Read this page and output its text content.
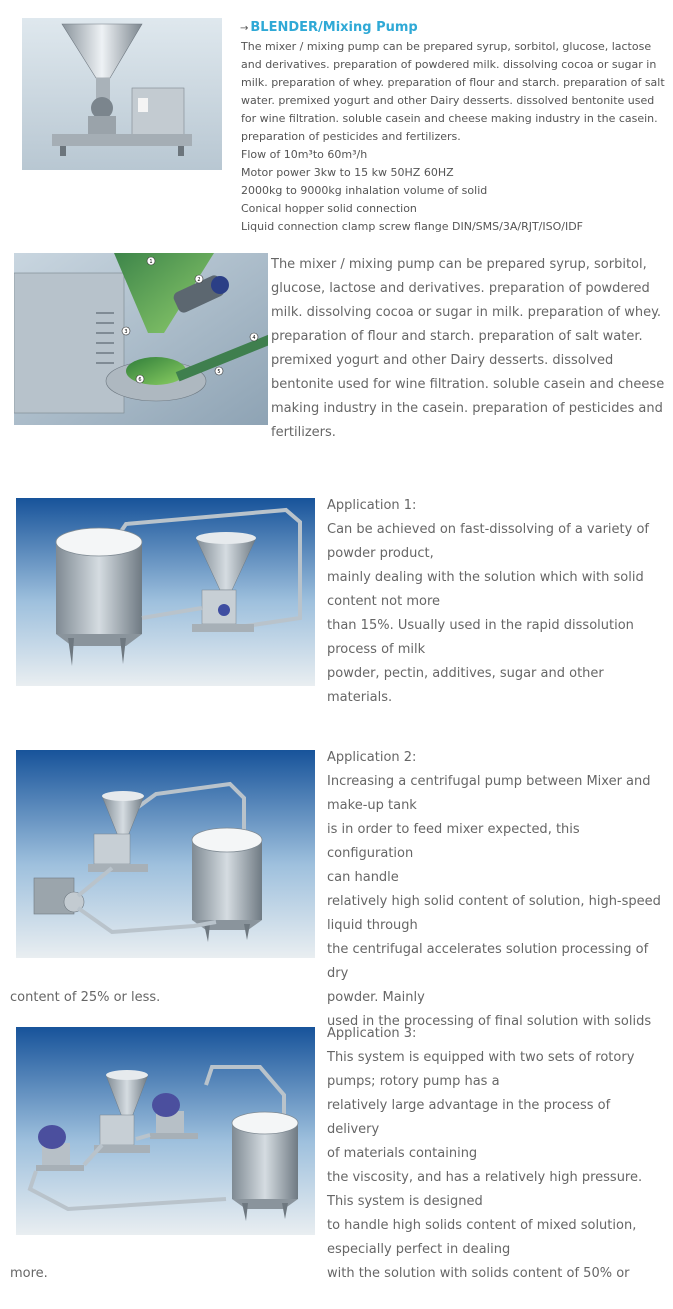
→ BLENDER/Mixing Pump

The mixer / mixing pump can be prepared syrup, sorbitol, glucose, lactose and derivatives. preparation of powdered milk. dissolving cocoa or sugar in milk. preparation of whey. preparation of flour and starch. preparation of salt water. premixed yogurt and other Dairy desserts. dissolved bentonite used for wine filtration. soluble casein and cheese making industry in the casein. preparation of pesticides and fertilizers.

Flow of 10m³to 60m³/h

Motor power 3kw to 15 kw 50HZ 60HZ

2000kg to 9000kg inhalation volume of solid

Conical hopper solid connection

Liquid connection clamp screw flange DIN/SMS/3A/RJT/ISO/IDF

1
2
3
4
5
6
The mixer / mixing pump can be prepared syrup, sorbitol, glucose, lactose and derivatives. preparation of powdered milk. dissolving cocoa or sugar in milk. preparation of whey. preparation of flour and starch. preparation of salt water. premixed yogurt and other Dairy desserts. dissolved bentonite used for wine filtration. soluble casein and cheese making industry in the casein. preparation of pesticides and fertilizers.

Application 1:

Can be achieved on fast-dissolving of a variety of

powder product,

mainly dealing with the solution which with solid

content not more

than 15%. Usually used in the rapid dissolution

process of milk

powder, pectin, additives, sugar and other

materials.

Application 2:

Increasing a centrifugal pump between Mixer and

make-up tank

is in order to feed mixer expected, this configuration

can handle

relatively high solid content of solution, high-speed

liquid through

the centrifugal accelerates solution processing of dry

powder. Mainly

used in the processing of final solution with solids

content of 25% or less.

Application 3:

This system is equipped with two sets of rotory

pumps; rotory pump has a

relatively large advantage in the process of delivery

of materials containing

the viscosity, and has a relatively high pressure.

This system is designed

to handle high solids content of mixed solution,

especially perfect in dealing

with the solution with solids content of 50% or

more.
